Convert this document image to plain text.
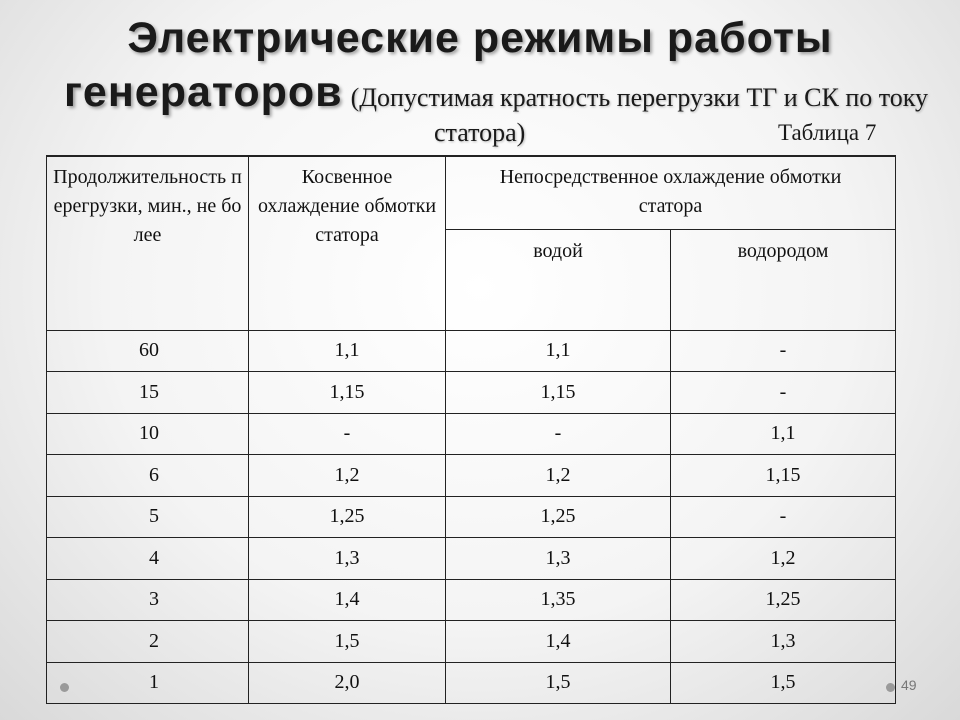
Электрические режимы работы
генераторов (Допустимая кратность перегрузки ТГ и СК по току
статора)	Таблица 7
Продолжительность перегрузки, мин., не более	Косвенное охлаждение обмотки статора	Непосредственное охлаждение обмотки статора	
		водой	водородом
60	1,1	1,1	-
15	1,15	1,15	-
10	-	-	1,1
6	1,2	1,2	1,15
5	1,25	1,25	-
4	1,3	1,3	1,2
3	1,4	1,35	1,25
2	1,5	1,4	1,3
1	2,0	1,5	1,5	49
